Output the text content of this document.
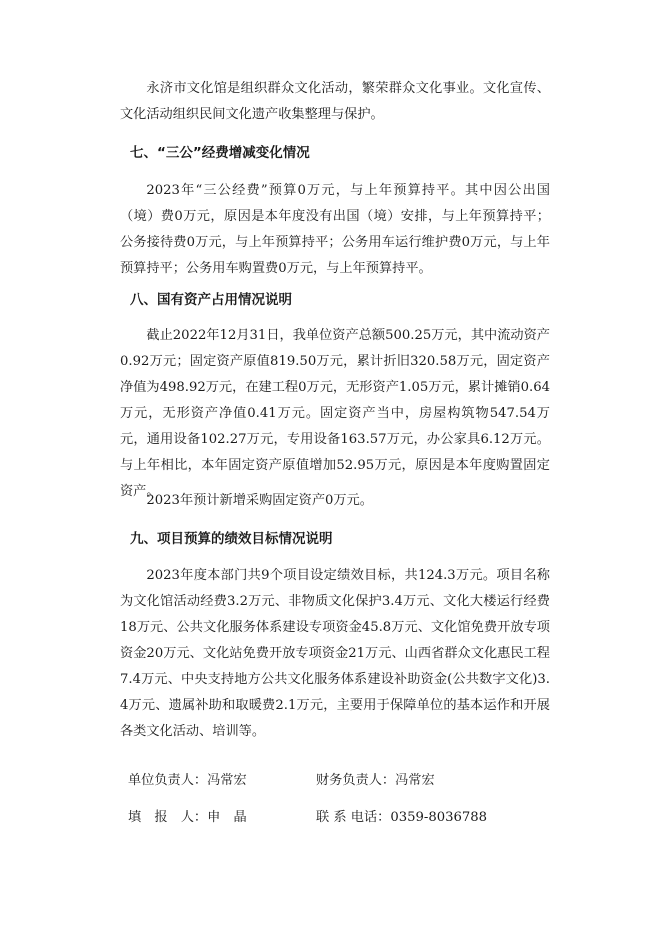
永济市文化馆是组织群众文化活动，繁荣群众文化事业。文化宣传、文化活动组织民间文化遗产收集整理与保护。

七、“三公”经费增减变化情况

2023年“三公经费”预算0万元，与上年预算持平。其中因公出国（境）费0万元，原因是本年度没有出国（境）安排，与上年预算持平；公务接待费0万元，与上年预算持平；公务用车运行维护费0万元，与上年预算持平；公务用车购置费0万元，与上年预算持平。

八、国有资产占用情况说明

截止2022年12月31日，我单位资产总额500.25万元，其中流动资产0.92万元；固定资产原值819.50万元，累计折旧320.58万元，固定资产净值为498.92万元，在建工程0万元，无形资产1.05万元，累计摊销0.64万元，无形资产净值0.41万元。固定资产当中，房屋构筑物547.54万元，通用设备102.27万元，专用设备163.57万元，办公家具6.12万元。与上年相比，本年固定资产原值增加52.95万元，原因是本年度购置固定资产。

2023年预计新增采购固定资产0万元。

九、项目预算的绩效目标情况说明

2023年度本部门共9个项目设定绩效目标，共124.3万元。项目名称为文化馆活动经费3.2万元、非物质文化保护3.4万元、文化大楼运行经费18万元、公共文化服务体系建设专项资金45.8万元、文化馆免费开放专项资金20万元、文化站免费开放专项资金21万元、山西省群众文化惠民工程7.4万元、中央支持地方公共文化服务体系建设补助资金(公共数字文化)3.4万元、遗属补助和取暖费2.1万元，主要用于保障单位的基本运作和开展各类文化活动、培训等。

单位负责人：冯常宏	财务负责人：冯常宏

填　报　人：申　晶	联 系 电话：0359-8036788
